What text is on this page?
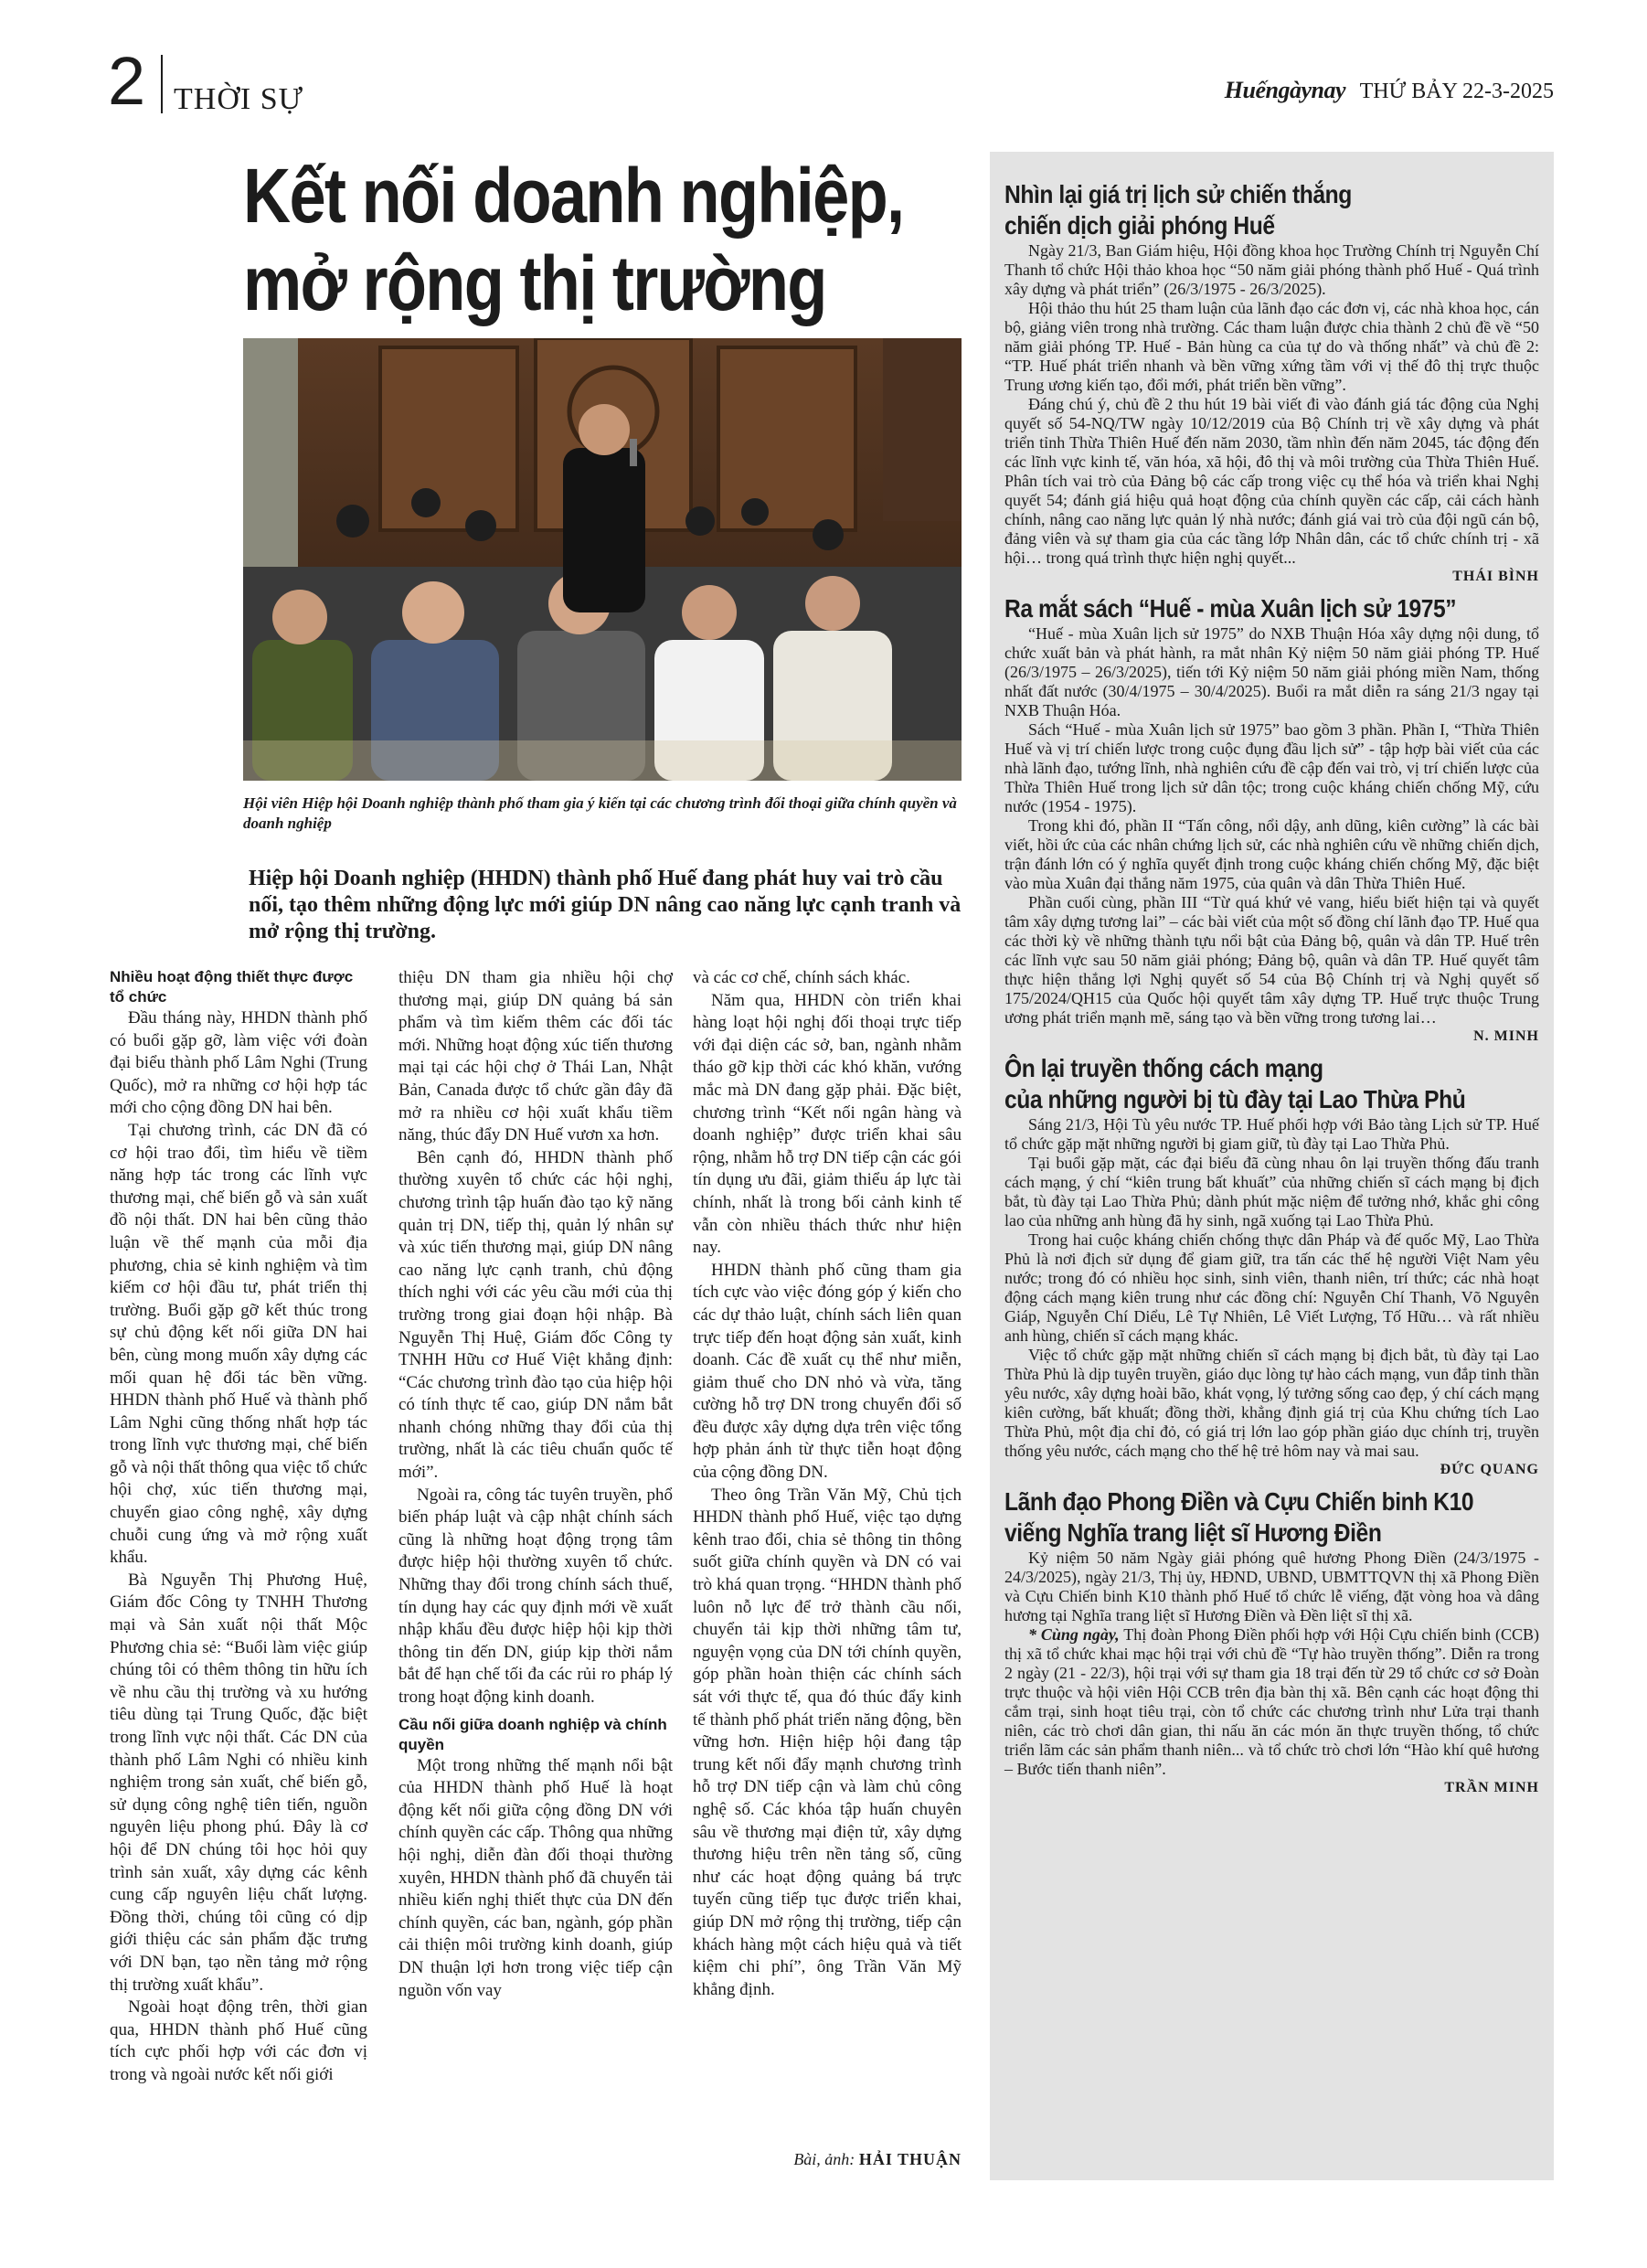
2 THỜI SỰ	Huếngàynay THỨ BẢY 22-3-2025
Kết nối doanh nghiệp,
mở rộng thị trường
Hội viên Hiệp hội Doanh nghiệp thành phố tham gia ý kiến tại các chương trình đối thoại giữa chính quyền và doanh nghiệp
Hiệp hội Doanh nghiệp (HHDN) thành phố Huế đang phát huy vai trò cầu nối, tạo thêm những động lực mới giúp DN nâng cao năng lực cạnh tranh và mở rộng thị trường.

Nhiều hoạt động thiết thực được tổ chức

Đầu tháng này, HHDN thành phố có buổi gặp gỡ, làm việc với đoàn đại biểu thành phố Lâm Nghi (Trung Quốc), mở ra những cơ hội hợp tác mới cho cộng đồng DN hai bên.

Tại chương trình, các DN đã có cơ hội trao đổi, tìm hiểu về tiềm năng hợp tác trong các lĩnh vực thương mại, chế biến gỗ và sản xuất đồ nội thất. DN hai bên cũng thảo luận về thế mạnh của mỗi địa phương, chia sẻ kinh nghiệm và tìm kiếm cơ hội đầu tư, phát triển thị trường. Buổi gặp gỡ kết thúc trong sự chủ động kết nối giữa DN hai bên, cùng mong muốn xây dựng các mối quan hệ đối tác bền vững. HHDN thành phố Huế và thành phố Lâm Nghi cũng thống nhất hợp tác trong lĩnh vực thương mại, chế biến gỗ và nội thất thông qua việc tổ chức hội chợ, xúc tiến thương mại, chuyển giao công nghệ, xây dựng chuỗi cung ứng và mở rộng xuất khẩu.

Bà Nguyễn Thị Phương Huệ, Giám đốc Công ty TNHH Thương mại và Sản xuất nội thất Mộc Phương chia sẻ: “Buổi làm việc giúp chúng tôi có thêm thông tin hữu ích về nhu cầu thị trường và xu hướng tiêu dùng tại Trung Quốc, đặc biệt trong lĩnh vực nội thất. Các DN của thành phố Lâm Nghi có nhiều kinh nghiệm trong sản xuất, chế biến gỗ, sử dụng công nghệ tiên tiến, nguồn nguyên liệu phong phú. Đây là cơ hội để DN chúng tôi học hỏi quy trình sản xuất, xây dựng các kênh cung cấp nguyên liệu chất lượng. Đồng thời, chúng tôi cũng có dịp giới thiệu các sản phẩm đặc trưng với DN bạn, tạo nền tảng mở rộng thị trường xuất khẩu”.

Ngoài hoạt động trên, thời gian qua, HHDN thành phố Huế cũng tích cực phối hợp với các đơn vị trong và ngoài nước kết nối giới

thiệu DN tham gia nhiều hội chợ thương mại, giúp DN quảng bá sản phẩm và tìm kiếm thêm các đối tác mới. Những hoạt động xúc tiến thương mại tại các hội chợ ở Thái Lan, Nhật Bản, Canada được tổ chức gần đây đã mở ra nhiều cơ hội xuất khẩu tiềm năng, thúc đẩy DN Huế vươn xa hơn.

Bên cạnh đó, HHDN thành phố thường xuyên tổ chức các hội nghị, chương trình tập huấn đào tạo kỹ năng quản trị DN, tiếp thị, quản lý nhân sự và xúc tiến thương mại, giúp DN nâng cao năng lực cạnh tranh, chủ động thích nghi với các yêu cầu mới của thị trường trong giai đoạn hội nhập. Bà Nguyễn Thị Huệ, Giám đốc Công ty TNHH Hữu cơ Huế Việt khẳng định: “Các chương trình đào tạo của hiệp hội có tính thực tế cao, giúp DN nắm bắt nhanh chóng những thay đổi của thị trường, nhất là các tiêu chuẩn quốc tế mới”.

Ngoài ra, công tác tuyên truyền, phổ biến pháp luật và cập nhật chính sách cũng là những hoạt động trọng tâm được hiệp hội thường xuyên tổ chức. Những thay đổi trong chính sách thuế, tín dụng hay các quy định mới về xuất nhập khẩu đều được hiệp hội kịp thời thông tin đến DN, giúp kịp thời nắm bắt để hạn chế tối đa các rủi ro pháp lý trong hoạt động kinh doanh.

Cầu nối giữa doanh nghiệp và chính quyền

Một trong những thế mạnh nổi bật của HHDN thành phố Huế là hoạt động kết nối giữa cộng đồng DN với chính quyền các cấp. Thông qua những hội nghị, diễn đàn đối thoại thường xuyên, HHDN thành phố đã chuyển tải nhiều kiến nghị thiết thực của DN đến chính quyền, các ban, ngành, góp phần cải thiện môi trường kinh doanh, giúp DN thuận lợi hơn trong việc tiếp cận nguồn vốn vay

và các cơ chế, chính sách khác.

Năm qua, HHDN còn triển khai hàng loạt hội nghị đối thoại trực tiếp với đại diện các sở, ban, ngành nhằm tháo gỡ kịp thời các khó khăn, vướng mắc mà DN đang gặp phải. Đặc biệt, chương trình “Kết nối ngân hàng và doanh nghiệp” được triển khai sâu rộng, nhằm hỗ trợ DN tiếp cận các gói tín dụng ưu đãi, giảm thiểu áp lực tài chính, nhất là trong bối cảnh kinh tế vẫn còn nhiều thách thức như hiện nay.

HHDN thành phố cũng tham gia tích cực vào việc đóng góp ý kiến cho các dự thảo luật, chính sách liên quan trực tiếp đến hoạt động sản xuất, kinh doanh. Các đề xuất cụ thể như miễn, giảm thuế cho DN nhỏ và vừa, tăng cường hỗ trợ DN trong chuyển đổi số đều được xây dựng dựa trên việc tổng hợp phản ánh từ thực tiễn hoạt động của cộng đồng DN.

Theo ông Trần Văn Mỹ, Chủ tịch HHDN thành phố Huế, việc tạo dựng kênh trao đổi, chia sẻ thông tin thông suốt giữa chính quyền và DN có vai trò khá quan trọng. “HHDN thành phố luôn nỗ lực để trở thành cầu nối, chuyển tải kịp thời những tâm tư, nguyện vọng của DN tới chính quyền, góp phần hoàn thiện các chính sách sát với thực tế, qua đó thúc đẩy kinh tế thành phố phát triển năng động, bền vững hơn. Hiện hiệp hội đang tập trung kết nối đẩy mạnh chương trình hỗ trợ DN tiếp cận và làm chủ công nghệ số. Các khóa tập huấn chuyên sâu về thương mại điện tử, xây dựng thương hiệu trên nền tảng số, cũng như các hoạt động quảng bá trực tuyến cũng tiếp tục được triển khai, giúp DN mở rộng thị trường, tiếp cận khách hàng một cách hiệu quả và tiết kiệm chi phí”, ông Trần Văn Mỹ khẳng định.

Bài, ảnh: HẢI THUẬN
Nhìn lại giá trị lịch sử chiến thắng
chiến dịch giải phóng Huế

Ngày 21/3, Ban Giám hiệu, Hội đồng khoa học Trường Chính trị Nguyễn Chí Thanh tổ chức Hội thảo khoa học “50 năm giải phóng thành phố Huế - Quá trình xây dựng và phát triển” (26/3/1975 - 26/3/2025).

Hội thảo thu hút 25 tham luận của lãnh đạo các đơn vị, các nhà khoa học, cán bộ, giảng viên trong nhà trường. Các tham luận được chia thành 2 chủ đề về “50 năm giải phóng TP. Huế - Bản hùng ca của tự do và thống nhất” và chủ đề 2: “TP. Huế phát triển nhanh và bền vững xứng tầm với vị thế đô thị trực thuộc Trung ương kiến tạo, đổi mới, phát triển bền vững”.

Đáng chú ý, chủ đề 2 thu hút 19 bài viết đi vào đánh giá tác động của Nghị quyết số 54-NQ/TW ngày 10/12/2019 của Bộ Chính trị về xây dựng và phát triển tỉnh Thừa Thiên Huế đến năm 2030, tầm nhìn đến năm 2045, tác động đến các lĩnh vực kinh tế, văn hóa, xã hội, đô thị và môi trường của Thừa Thiên Huế. Phân tích vai trò của Đảng bộ các cấp trong việc cụ thể hóa và triển khai Nghị quyết 54; đánh giá hiệu quả hoạt động của chính quyền các cấp, cải cách hành chính, nâng cao năng lực quản lý nhà nước; đánh giá vai trò của đội ngũ cán bộ, đảng viên và sự tham gia của các tầng lớp Nhân dân, các tổ chức chính trị - xã hội… trong quá trình thực hiện nghị quyết...

THÁI BÌNH
Ra mắt sách “Huế - mùa Xuân lịch sử 1975”

“Huế - mùa Xuân lịch sử 1975” do NXB Thuận Hóa xây dựng nội dung, tổ chức xuất bản và phát hành, ra mắt nhân Kỷ niệm 50 năm giải phóng TP. Huế (26/3/1975 – 26/3/2025), tiến tới Kỷ niệm 50 năm giải phóng miền Nam, thống nhất đất nước (30/4/1975 – 30/4/2025). Buổi ra mắt diễn ra sáng 21/3 ngay tại NXB Thuận Hóa.

Sách “Huế - mùa Xuân lịch sử 1975” bao gồm 3 phần. Phần I, “Thừa Thiên Huế và vị trí chiến lược trong cuộc đụng đầu lịch sử” - tập hợp bài viết của các nhà lãnh đạo, tướng lĩnh, nhà nghiên cứu đề cập đến vai trò, vị trí chiến lược của Thừa Thiên Huế trong lịch sử dân tộc; trong cuộc kháng chiến chống Mỹ, cứu nước (1954 - 1975).

Trong khi đó, phần II “Tấn công, nổi dậy, anh dũng, kiên cường” là các bài viết, hồi ức của các nhân chứng lịch sử, các nhà nghiên cứu về những chiến dịch, trận đánh lớn có ý nghĩa quyết định trong cuộc kháng chiến chống Mỹ, đặc biệt vào mùa Xuân đại thắng năm 1975, của quân và dân Thừa Thiên Huế.

Phần cuối cùng, phần III “Từ quá khứ vẻ vang, hiểu biết hiện tại và quyết tâm xây dựng tương lai” – các bài viết của một số đồng chí lãnh đạo TP. Huế qua các thời kỳ về những thành tựu nổi bật của Đảng bộ, quân và dân TP. Huế trên các lĩnh vực sau 50 năm giải phóng; Đảng bộ, quân và dân TP. Huế quyết tâm thực hiện thắng lợi Nghị quyết số 54 của Bộ Chính trị và Nghị quyết số 175/2024/QH15 của Quốc hội quyết tâm xây dựng TP. Huế trực thuộc Trung ương phát triển mạnh mẽ, sáng tạo và bền vững trong tương lai…

N. MINH
Ôn lại truyền thống cách mạng
của những người bị tù đày tại Lao Thừa Phủ

Sáng 21/3, Hội Tù yêu nước TP. Huế phối hợp với Bảo tàng Lịch sử TP. Huế tổ chức gặp mặt những người bị giam giữ, tù đày tại Lao Thừa Phủ.

Tại buổi gặp mặt, các đại biểu đã cùng nhau ôn lại truyền thống đấu tranh cách mạng, ý chí “kiên trung bất khuất” của những chiến sĩ cách mạng bị địch bắt, tù đày tại Lao Thừa Phủ; dành phút mặc niệm để tưởng nhớ, khắc ghi công lao của những anh hùng đã hy sinh, ngã xuống tại Lao Thừa Phủ.

Trong hai cuộc kháng chiến chống thực dân Pháp và đế quốc Mỹ, Lao Thừa Phủ là nơi địch sử dụng để giam giữ, tra tấn các thế hệ người Việt Nam yêu nước; trong đó có nhiều học sinh, sinh viên, thanh niên, trí thức; các nhà hoạt động cách mạng kiên trung như các đồng chí: Nguyễn Chí Thanh, Võ Nguyên Giáp, Nguyễn Chí Diểu, Lê Tự Nhiên, Lê Viết Lượng, Tố Hữu… và rất nhiều anh hùng, chiến sĩ cách mạng khác.

Việc tổ chức gặp mặt những chiến sĩ cách mạng bị địch bắt, tù đày tại Lao Thừa Phủ là dịp tuyên truyền, giáo dục lòng tự hào cách mạng, vun đắp tinh thần yêu nước, xây dựng hoài bão, khát vọng, lý tưởng sống cao đẹp, ý chí cách mạng kiên cường, bất khuất; đồng thời, khẳng định giá trị của Khu chứng tích Lao Thừa Phủ, một địa chỉ đỏ, có giá trị lớn lao góp phần giáo dục chính trị, truyền thống yêu nước, cách mạng cho thế hệ trẻ hôm nay và mai sau.

ĐỨC QUANG
Lãnh đạo Phong Điền và Cựu Chiến binh K10
viếng Nghĩa trang liệt sĩ Hương Điền

Kỷ niệm 50 năm Ngày giải phóng quê hương Phong Điền (24/3/1975 - 24/3/2025), ngày 21/3, Thị ủy, HĐND, UBND, UBMTTQVN thị xã Phong Điền và Cựu Chiến binh K10 thành phố Huế tổ chức lễ viếng, đặt vòng hoa và dâng hương tại Nghĩa trang liệt sĩ Hương Điền và Đền liệt sĩ thị xã.

* Cùng ngày, Thị đoàn Phong Điền phối hợp với Hội Cựu chiến binh (CCB) thị xã tổ chức khai mạc hội trại với chủ đề “Tự hào truyền thống”. Diễn ra trong 2 ngày (21 - 22/3), hội trại với sự tham gia 18 trại đến từ 29 tổ chức cơ sở Đoàn trực thuộc và hội viên Hội CCB trên địa bàn thị xã. Bên cạnh các hoạt động thi cắm trại, sinh hoạt tiêu trại, còn tổ chức các chương trình như Lửa trại thanh niên, các trò chơi dân gian, thi nấu ăn các món ăn thực truyền thống, tổ chức triển lãm các sản phẩm thanh niên... và tổ chức trò chơi lớn “Hào khí quê hương – Bước tiến thanh niên”.

TRẦN MINH
